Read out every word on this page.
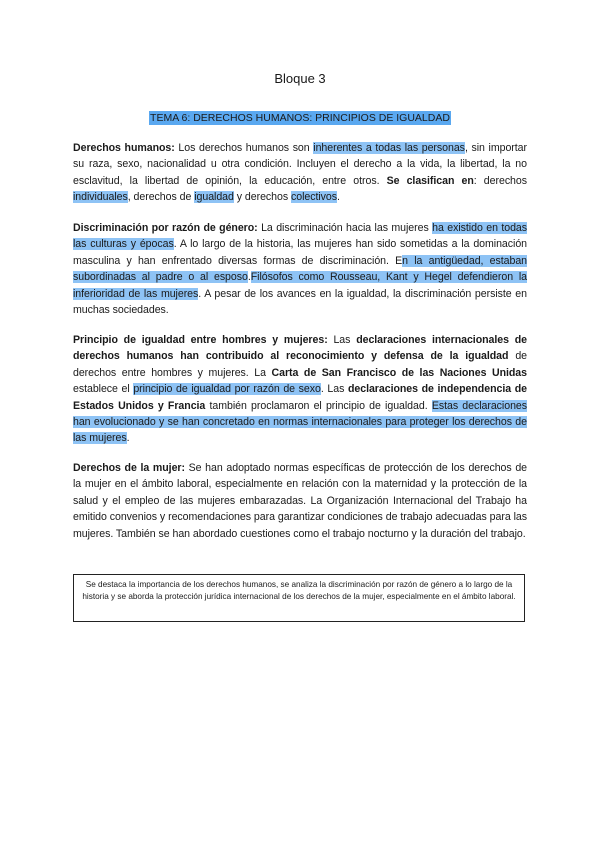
Bloque 3
TEMA 6: DERECHOS HUMANOS: PRINCIPIOS DE IGUALDAD
Derechos humanos: Los derechos humanos son inherentes a todas las personas, sin importar su raza, sexo, nacionalidad u otra condición. Incluyen el derecho a la vida, la libertad, la no esclavitud, la libertad de opinión, la educación, entre otros. Se clasifican en: derechos individuales, derechos de igualdad y derechos colectivos.
Discriminación por razón de género: La discriminación hacia las mujeres ha existido en todas las culturas y épocas. A lo largo de la historia, las mujeres han sido sometidas a la dominación masculina y han enfrentado diversas formas de discriminación. En la antigüedad, estaban subordinadas al padre o al esposo.Filósofos como Rousseau, Kant y Hegel defendieron la inferioridad de las mujeres. A pesar de los avances en la igualdad, la discriminación persiste en muchas sociedades.
Principio de igualdad entre hombres y mujeres: Las declaraciones internacionales de derechos humanos han contribuido al reconocimiento y defensa de la igualdad de derechos entre hombres y mujeres. La Carta de San Francisco de las Naciones Unidas establece el principio de igualdad por razón de sexo. Las declaraciones de independencia de Estados Unidos y Francia también proclamaron el principio de igualdad. Estas declaraciones han evolucionado y se han concretado en normas internacionales para proteger los derechos de las mujeres.
Derechos de la mujer: Se han adoptado normas específicas de protección de los derechos de la mujer en el ámbito laboral, especialmente en relación con la maternidad y la protección de la salud y el empleo de las mujeres embarazadas. La Organización Internacional del Trabajo ha emitido convenios y recomendaciones para garantizar condiciones de trabajo adecuadas para las mujeres. También se han abordado cuestiones como el trabajo nocturno y la duración del trabajo.
Se destaca la importancia de los derechos humanos, se analiza la discriminación por razón de género a lo largo de la historia y se aborda la protección jurídica internacional de los derechos de la mujer, especialmente en el ámbito laboral.
